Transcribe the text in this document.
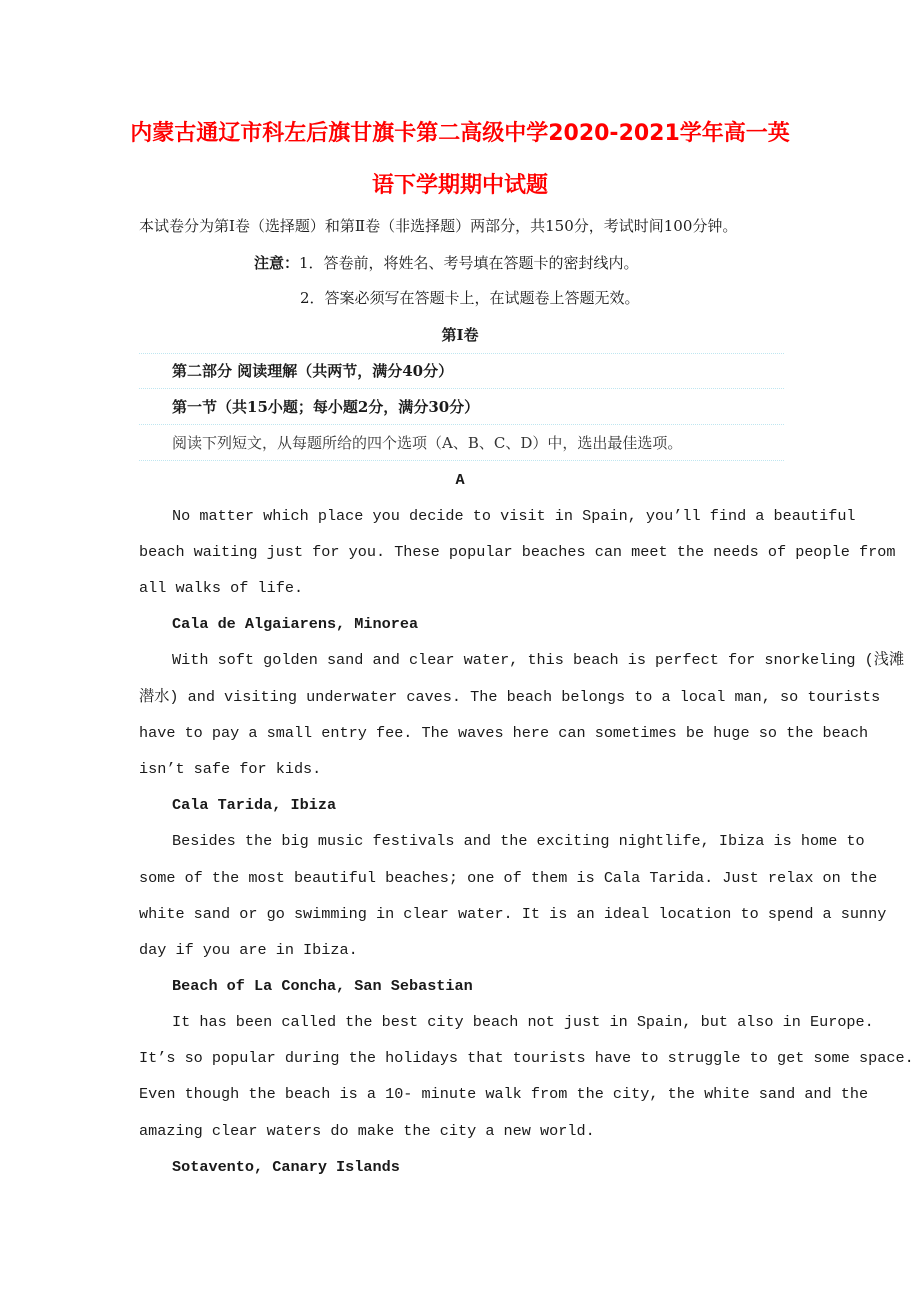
内蒙古通辽市科左后旗甘旗卡第二高级中学2020-2021学年高一英
语下学期期中试题
本试卷分为第Ⅰ卷（选择题）和第Ⅱ卷（非选择题）两部分，共150分，考试时间100分钟。
注意：1．答卷前，将姓名、考号填在答题卡的密封线内。
2．答案必须写在答题卡上，在试题卷上答题无效。
第Ⅰ卷
第二部分 阅读理解（共两节，满分40分）
第一节（共15小题；每小题2分，满分30分）
阅读下列短文，从每题所给的四个选项（A、B、C、D）中，选出最佳选项。
A
No matter which place you decide to visit in Spain, you’ll find a beautiful
beach waiting just for you. These popular beaches can meet the needs of people from
all walks of life.
Cala de Algaiarens, Minorea
With soft golden sand and clear water, this beach is perfect for snorkeling (浅滩
潜水) and visiting underwater caves. The beach belongs to a local man, so tourists
have to pay a small entry fee. The waves here can sometimes be huge so the beach
isn’t safe for kids.
Cala Tarida, Ibiza
Besides the big music festivals and the exciting nightlife, Ibiza is home to
some of the most beautiful beaches; one of them is Cala Tarida. Just relax on the
white sand or go swimming in clear water. It is an ideal location to spend a sunny
day if you are in Ibiza.
Beach of La Concha, San Sebastian
It has been called the best city beach not just in Spain, but also in Europe.
It’s so popular during the holidays that tourists have to struggle to get some space.
Even though the beach is a 10- minute walk from the city, the white sand and the
amazing clear waters do make the city a new world.
Sotavento, Canary Islands
